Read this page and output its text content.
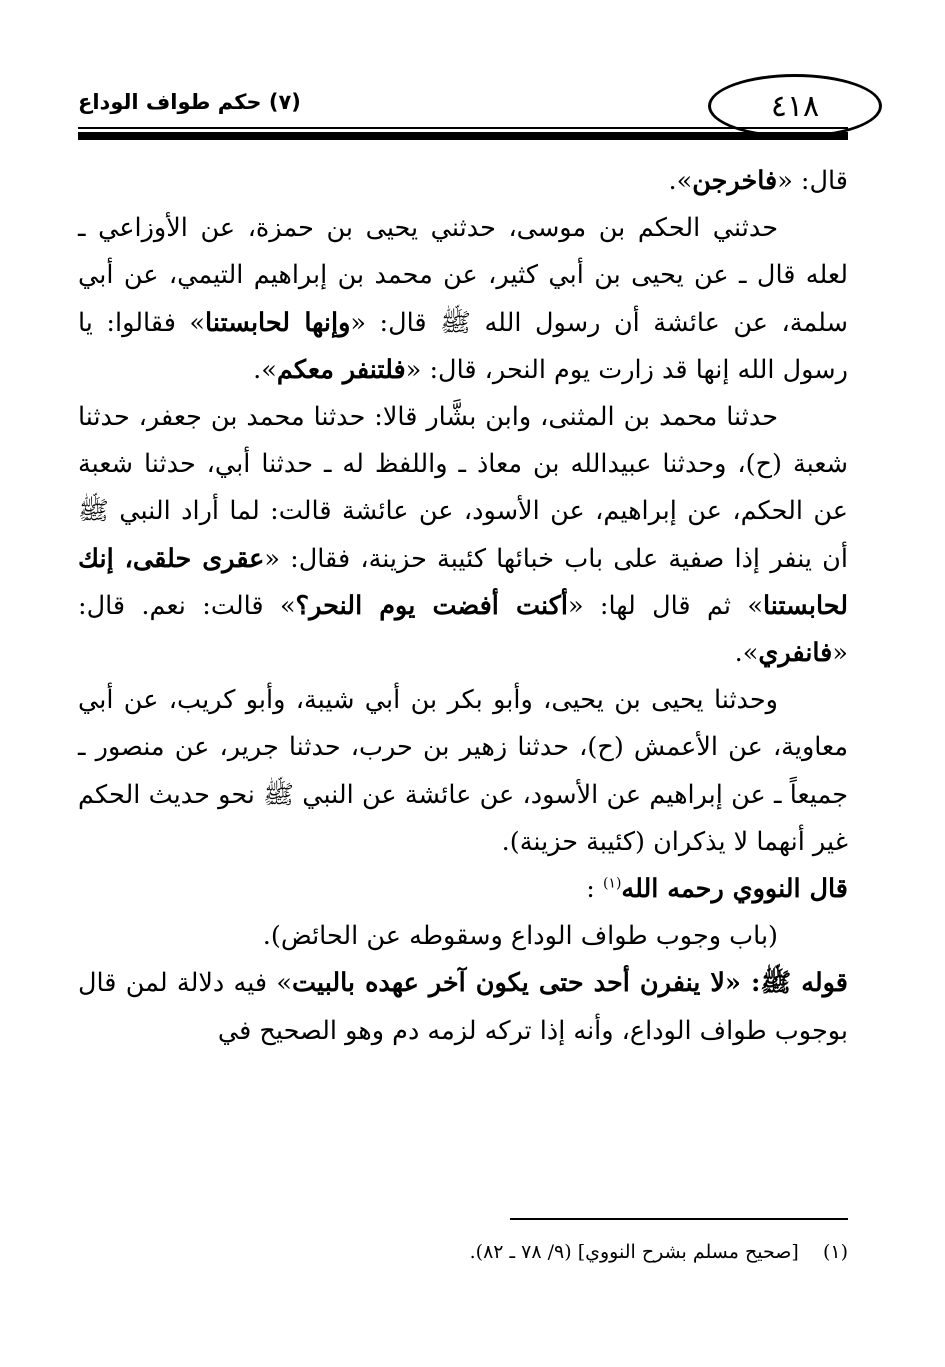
٤١٨
(٧) حكم طواف الوداع

قال: «فاخرجن».

حدثني الحكم بن موسى، حدثني يحيى بن حمزة، عن الأوزاعي ـ لعله قال ـ عن يحيى بن أبي كثير، عن محمد بن إبراهيم التيمي، عن أبي سلمة، عن عائشة أن رسول الله ﷺ قال: «وإنها لحابستنا» فقالوا: يا رسول الله إنها قد زارت يوم النحر، قال: «فلتنفر معكم».

حدثنا محمد بن المثنى، وابن بشَّار قالا: حدثنا محمد بن جعفر، حدثنا شعبة (ح)، وحدثنا عبيدالله بن معاذ ـ واللفظ له ـ حدثنا أبي، حدثنا شعبة عن الحكم، عن إبراهيم، عن الأسود، عن عائشة قالت: لما أراد النبي ﷺ أن ينفر إذا صفية على باب خبائها كئيبة حزينة، فقال: «عقرى حلقى، إنك لحابستنا» ثم قال لها: «أكنت أفضت يوم النحر؟» قالت: نعم. قال: «فانفري».

وحدثنا يحيى بن يحيى، وأبو بكر بن أبي شيبة، وأبو كريب، عن أبي معاوية، عن الأعمش (ح)، حدثنا زهير بن حرب، حدثنا جرير، عن منصور ـ جميعاً ـ عن إبراهيم عن الأسود، عن عائشة عن النبي ﷺ نحو حديث الحكم غير أنهما لا يذكران (كئيبة حزينة).

قال النووي رحمه الله$^{(١)}$ :

(باب وجوب طواف الوداع وسقوطه عن الحائض).

قوله ﷺ: «لا ينفرن أحد حتى يكون آخر عهده بالبيت» فيه دلالة لمن قال بوجوب طواف الوداع، وأنه إذا تركه لزمه دم وهو الصحيح في

(١)    [صحيح مسلم بشرح النووي] (٩/ ٧٨ ـ ٨٢).
